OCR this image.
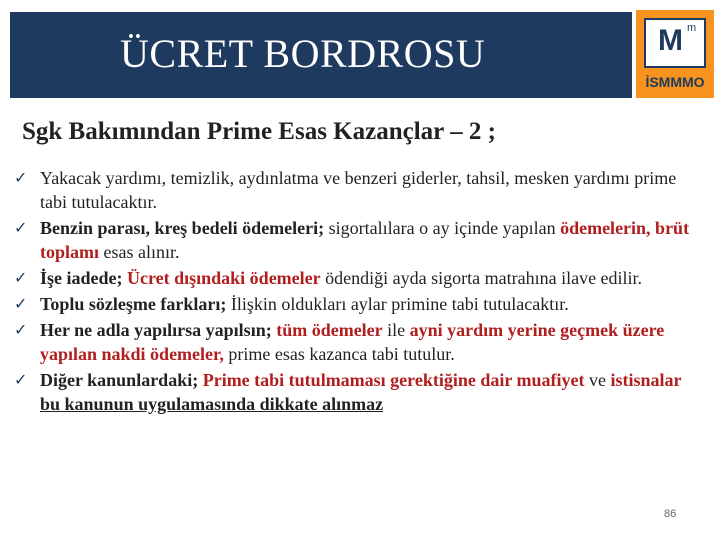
ÜCRET BORDROSU	M m
İSMMMO
Sgk Bakımından Prime Esas Kazançlar – 2 ;
✓ Yakacak yardımı, temizlik, aydınlatma ve benzeri giderler, tahsil, mesken yardımı prime tabi tutulacaktır.
✓ Benzin parası, kreş bedeli ödemeleri; sigortalılara o ay içinde yapılan ödemelerin, brüt toplamı esas alınır.
✓ İşe iadede; Ücret dışındaki ödemeler ödendiği ayda sigorta matrahına ilave edilir.
✓ Toplu sözleşme farkları; İlişkin oldukları aylar primine tabi tutulacaktır.
✓ Her ne adla yapılırsa yapılsın; tüm ödemeler ile ayni yardım yerine geçmek üzere yapılan nakdi ödemeler, prime esas kazanca tabi tutulur.
✓ Diğer kanunlardaki; Prime tabi tutulmaması gerektiğine dair muafiyet ve istisnalar bu kanunun uygulamasında dikkate alınmaz
86
